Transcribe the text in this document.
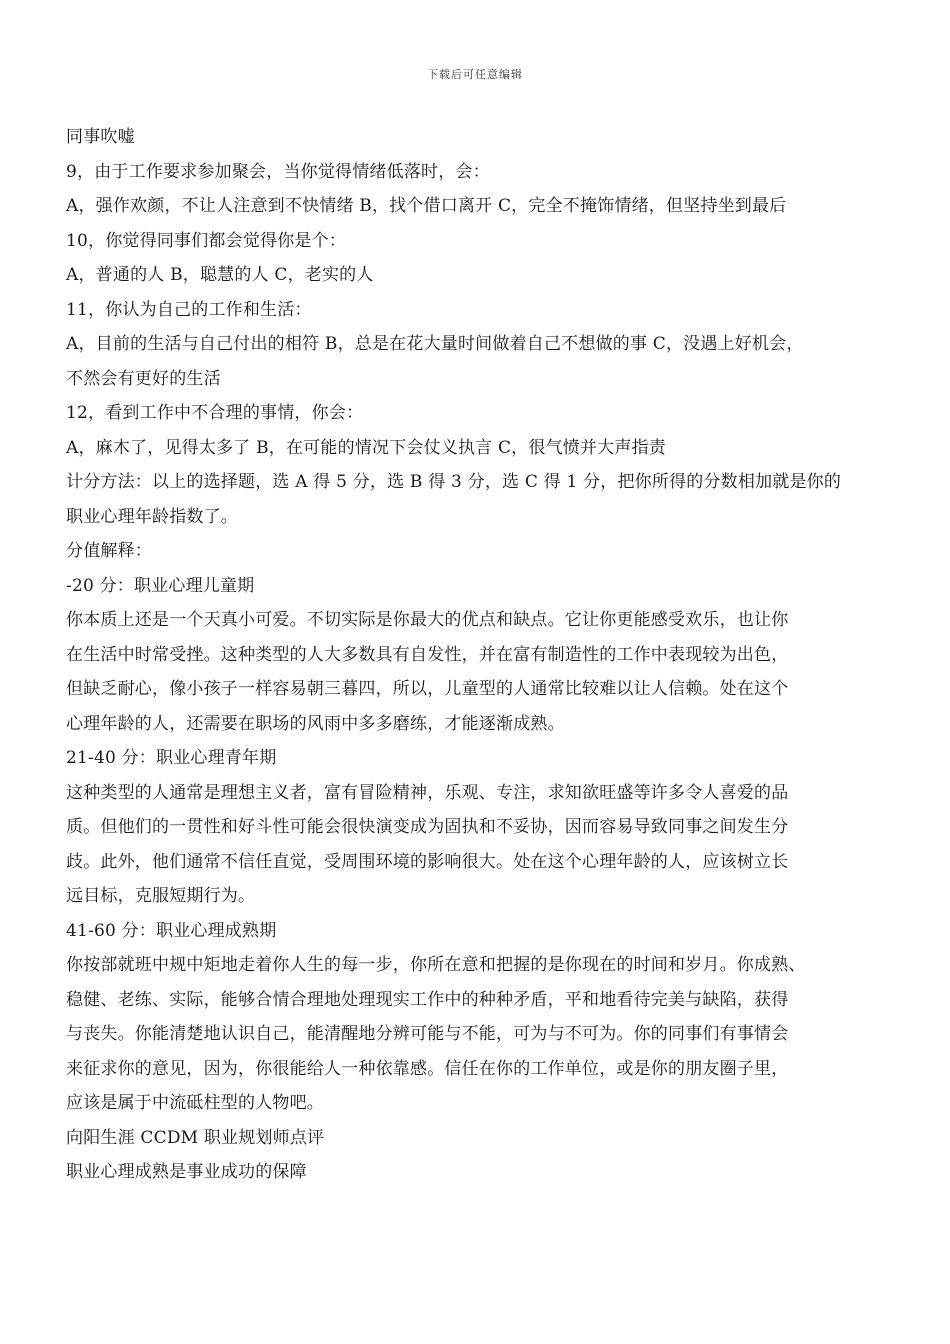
下载后可任意编辑
同事吹嘘
9，由于工作要求参加聚会，当你觉得情绪低落时，会：
A，强作欢颜，不让人注意到不快情绪 B，找个借口离开 C，完全不掩饰情绪，但坚持坐到最后
10，你觉得同事们都会觉得你是个：
A，普通的人 B，聪慧的人 C，老实的人
11，你认为自己的工作和生活：
A，目前的生活与自己付出的相符 B，总是在花大量时间做着自己不想做的事 C，没遇上好机会，
不然会有更好的生活
12，看到工作中不合理的事情，你会：
A，麻木了，见得太多了 B，在可能的情况下会仗义执言 C，很气愤并大声指责
计分方法：以上的选择题，选 A 得 5 分，选 B 得 3 分，选 C 得 1 分，把你所得的分数相加就是你的
职业心理年龄指数了。
分值解释：
-20 分：职业心理儿童期
你本质上还是一个天真小可爱。不切实际是你最大的优点和缺点。它让你更能感受欢乐，也让你
在生活中时常受挫。这种类型的人大多数具有自发性，并在富有制造性的工作中表现较为出色，
但缺乏耐心，像小孩子一样容易朝三暮四，所以，儿童型的人通常比较难以让人信赖。处在这个
心理年龄的人，还需要在职场的风雨中多多磨练，才能逐渐成熟。
21-40 分：职业心理青年期
这种类型的人通常是理想主义者，富有冒险精神，乐观、专注，求知欲旺盛等许多令人喜爱的品
质。但他们的一贯性和好斗性可能会很快演变成为固执和不妥协，因而容易导致同事之间发生分
歧。此外，他们通常不信任直觉，受周围环境的影响很大。处在这个心理年龄的人，应该树立长
远目标，克服短期行为。
41-60 分：职业心理成熟期
你按部就班中规中矩地走着你人生的每一步，你所在意和把握的是你现在的时间和岁月。你成熟、
稳健、老练、实际，能够合情合理地处理现实工作中的种种矛盾，平和地看待完美与缺陷，获得
与丧失。你能清楚地认识自己，能清醒地分辨可能与不能，可为与不可为。你的同事们有事情会
来征求你的意见，因为，你很能给人一种依靠感。信任在你的工作单位，或是你的朋友圈子里，
应该是属于中流砥柱型的人物吧。
向阳生涯 CCDM 职业规划师点评
职业心理成熟是事业成功的保障
